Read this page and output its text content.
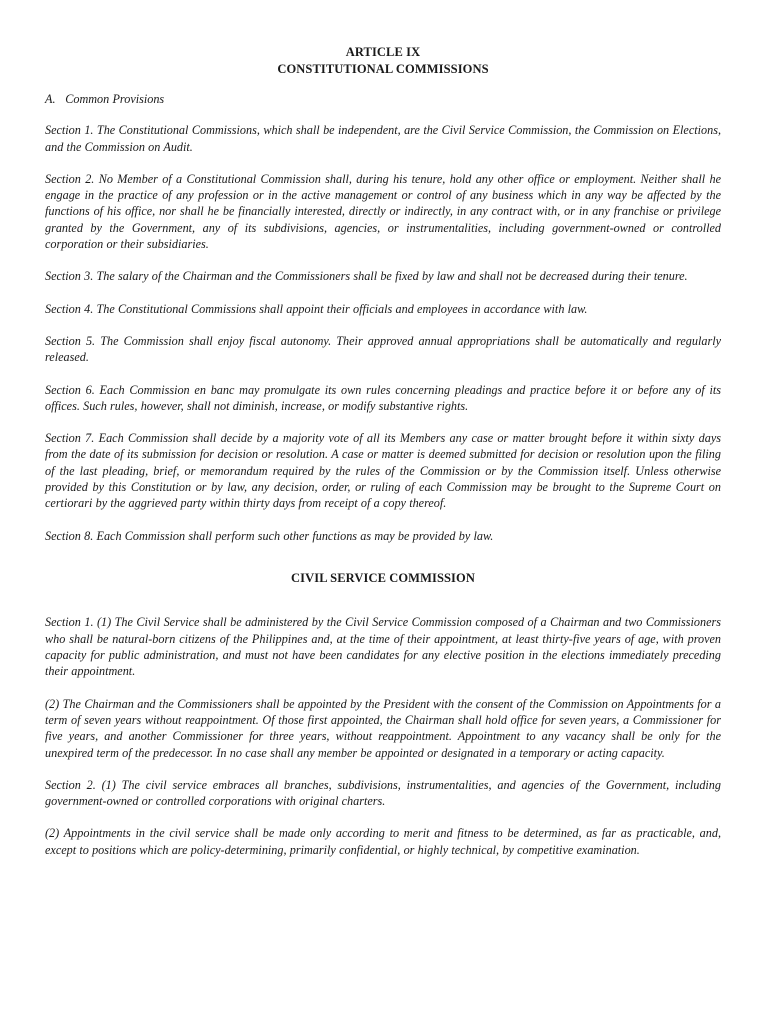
ARTICLE IX

CONSTITUTIONAL COMMISSIONS

A.   Common Provisions

Section 1. The Constitutional Commissions, which shall be independent, are the Civil Service Commission, the Commission on Elections, and the Commission on Audit.

Section 2. No Member of a Constitutional Commission shall, during his tenure, hold any other office or employment. Neither shall he engage in the practice of any profession or in the active management or control of any business which in any way be affected by the functions of his office, nor shall he be financially interested, directly or indirectly, in any contract with, or in any franchise or privilege granted by the Government, any of its subdivisions, agencies, or instrumentalities, including government-owned or controlled corporation or their subsidiaries.

Section 3. The salary of the Chairman and the Commissioners shall be fixed by law and shall not be decreased during their tenure.

Section 4. The Constitutional Commissions shall appoint their officials and employees in accordance with law.

Section 5. The Commission shall enjoy fiscal autonomy. Their approved annual appropriations shall be automatically and regularly released.

Section 6. Each Commission en banc may promulgate its own rules concerning pleadings and practice before it or before any of its offices. Such rules, however, shall not diminish, increase, or modify substantive rights.

Section 7. Each Commission shall decide by a majority vote of all its Members any case or matter brought before it within sixty days from the date of its submission for decision or resolution. A case or matter is deemed submitted for decision or resolution upon the filing of the last pleading, brief, or memorandum required by the rules of the Commission or by the Commission itself. Unless otherwise provided by this Constitution or by law, any decision, order, or ruling of each Commission may be brought to the Supreme Court on certiorari by the aggrieved party within thirty days from receipt of a copy thereof.

Section 8. Each Commission shall perform such other functions as may be provided by law.

CIVIL SERVICE COMMISSION

Section 1. (1) The Civil Service shall be administered by the Civil Service Commission composed of a Chairman and two Commissioners who shall be natural-born citizens of the Philippines and, at the time of their appointment, at least thirty-five years of age, with proven capacity for public administration, and must not have been candidates for any elective position in the elections immediately preceding their appointment.

(2) The Chairman and the Commissioners shall be appointed by the President with the consent of the Commission on Appointments for a term of seven years without reappointment. Of those first appointed, the Chairman shall hold office for seven years, a Commissioner for five years, and another Commissioner for three years, without reappointment. Appointment to any vacancy shall be only for the unexpired term of the predecessor. In no case shall any member be appointed or designated in a temporary or acting capacity.

Section 2. (1) The civil service embraces all branches, subdivisions, instrumentalities, and agencies of the Government, including government-owned or controlled corporations with original charters.

(2) Appointments in the civil service shall be made only according to merit and fitness to be determined, as far as practicable, and, except to positions which are policy-determining, primarily confidential, or highly technical, by competitive examination.
